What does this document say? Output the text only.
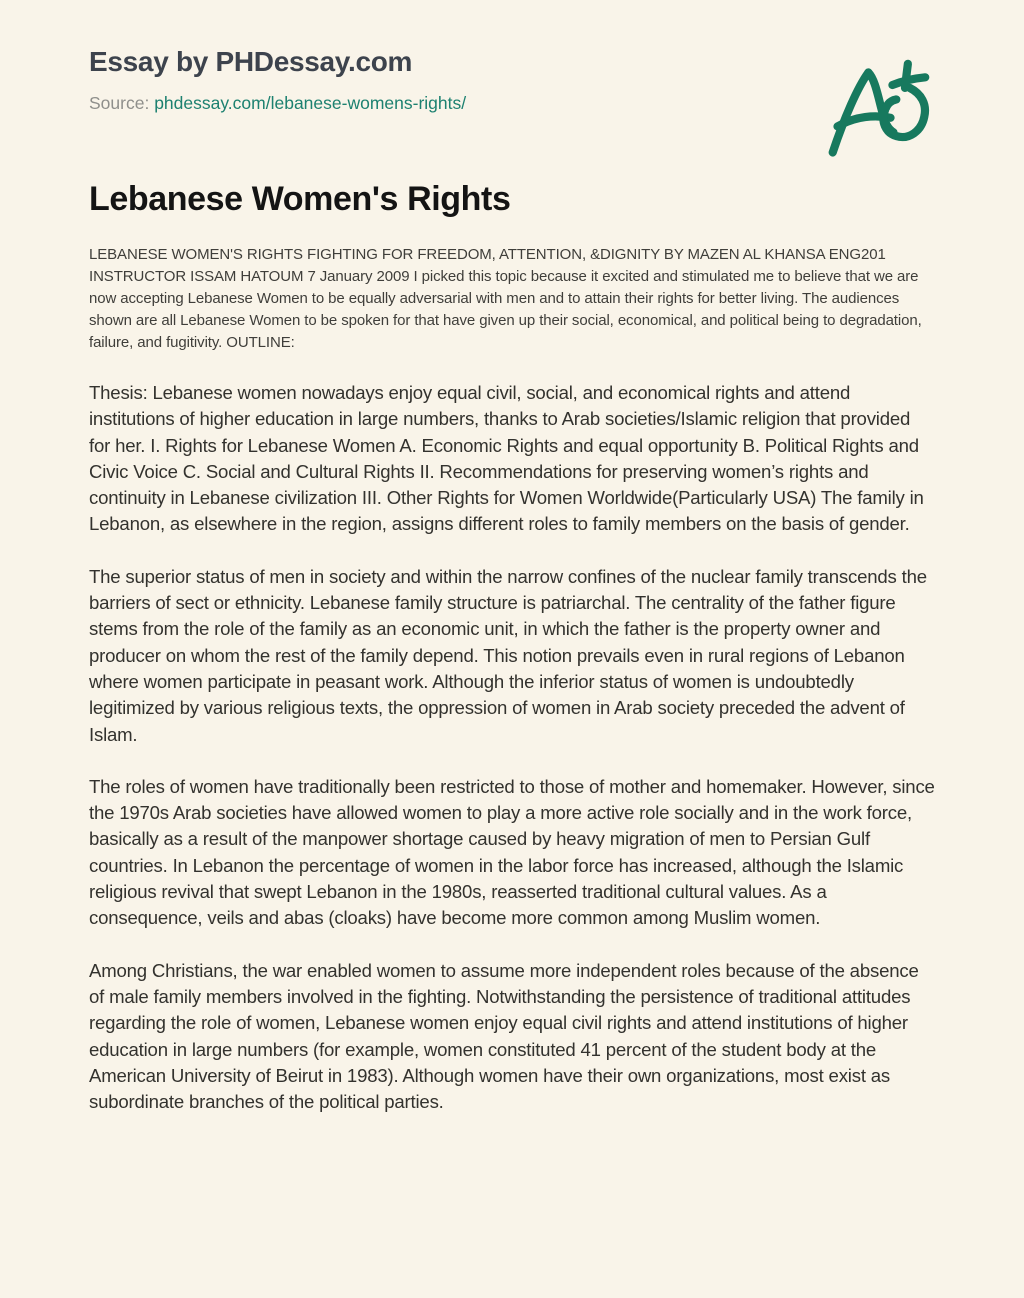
Essay by PHDessay.com

Source: phdessay.com/lebanese-womens-rights/

Lebanese Women's Rights

LEBANESE WOMEN'S RIGHTS FIGHTING FOR FREEDOM, ATTENTION, &DIGNITY BY MAZEN AL KHANSA ENG201 INSTRUCTOR ISSAM HATOUM 7 January 2009 I picked this topic because it excited and stimulated me to believe that we are now accepting Lebanese Women to be equally adversarial with men and to attain their rights for better living. The audiences shown are all Lebanese Women to be spoken for that have given up their social, economical, and political being to degradation, failure, and fugitivity. OUTLINE:

Thesis: Lebanese women nowadays enjoy equal civil, social, and economical rights and attend institutions of higher education in large numbers, thanks to Arab societies/Islamic religion that provided for her. I. Rights for Lebanese Women A. Economic Rights and equal opportunity B. Political Rights and Civic Voice C. Social and Cultural Rights II. Recommendations for preserving women’s rights and continuity in Lebanese civilization III. Other Rights for Women Worldwide(Particularly USA) The family in Lebanon, as elsewhere in the region, assigns different roles to family members on the basis of gender.

The superior status of men in society and within the narrow confines of the nuclear family transcends the barriers of sect or ethnicity. Lebanese family structure is patriarchal. The centrality of the father figure stems from the role of the family as an economic unit, in which the father is the property owner and producer on whom the rest of the family depend. This notion prevails even in rural regions of Lebanon where women participate in peasant work. Although the inferior status of women is undoubtedly legitimized by various religious texts, the oppression of women in Arab society preceded the advent of Islam.

The roles of women have traditionally been restricted to those of mother and homemaker. However, since the 1970s Arab societies have allowed women to play a more active role socially and in the work force, basically as a result of the manpower shortage caused by heavy migration of men to Persian Gulf countries. In Lebanon the percentage of women in the labor force has increased, although the Islamic religious revival that swept Lebanon in the 1980s, reasserted traditional cultural values. As a consequence, veils and abas (cloaks) have become more common among Muslim women.

Among Christians, the war enabled women to assume more independent roles because of the absence of male family members involved in the fighting. Notwithstanding the persistence of traditional attitudes regarding the role of women, Lebanese women enjoy equal civil rights and attend institutions of higher education in large numbers (for example, women constituted 41 percent of the student body at the American University of Beirut in 1983). Although women have their own organizations, most exist as subordinate branches of the political parties.
